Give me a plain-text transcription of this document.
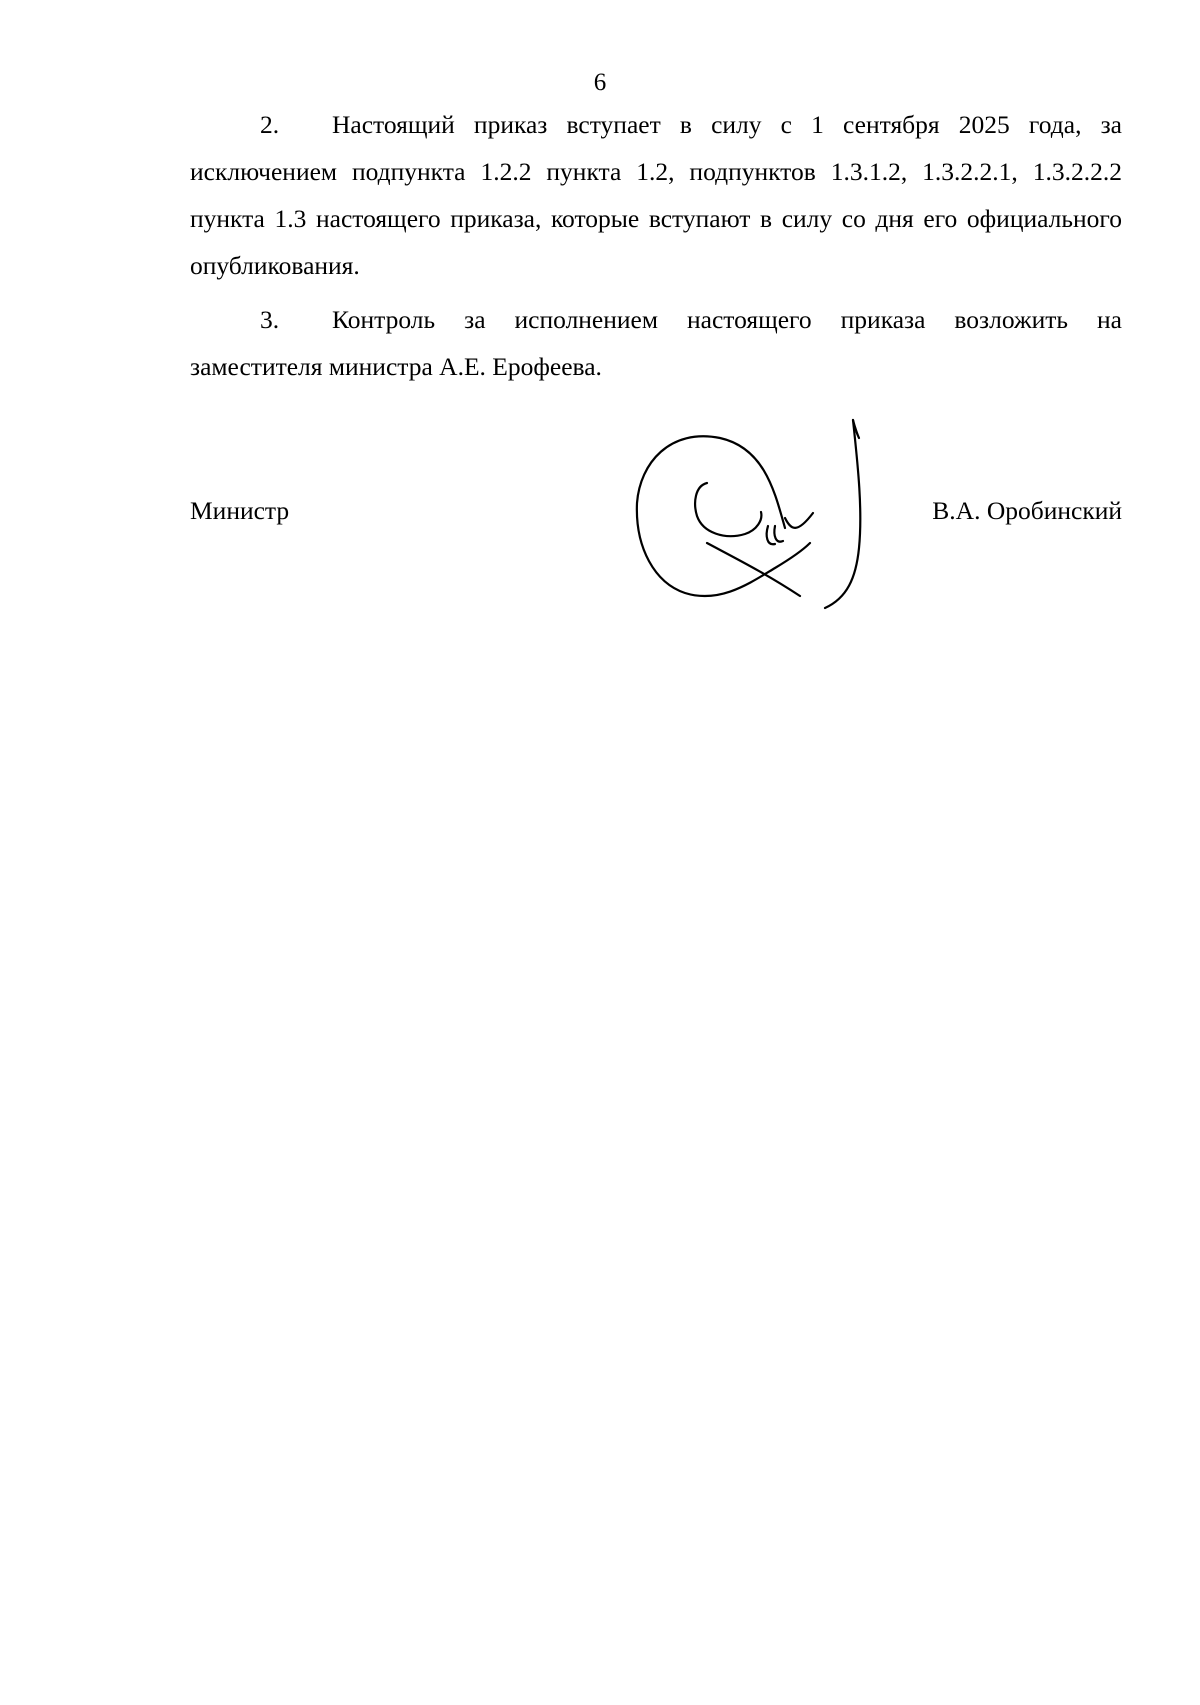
6

2. Настоящий приказ вступает в силу с 1 сентября 2025 года, за исключением подпункта 1.2.2 пункта 1.2, подпунктов 1.3.1.2, 1.3.2.2.1, 1.3.2.2.2 пункта 1.3 настоящего приказа, которые вступают в силу со дня его официального опубликования.

3. Контроль за исполнением настоящего приказа возложить на заместителя министра А.Е. Ерофеева.

Министр	В.А. Оробинский
